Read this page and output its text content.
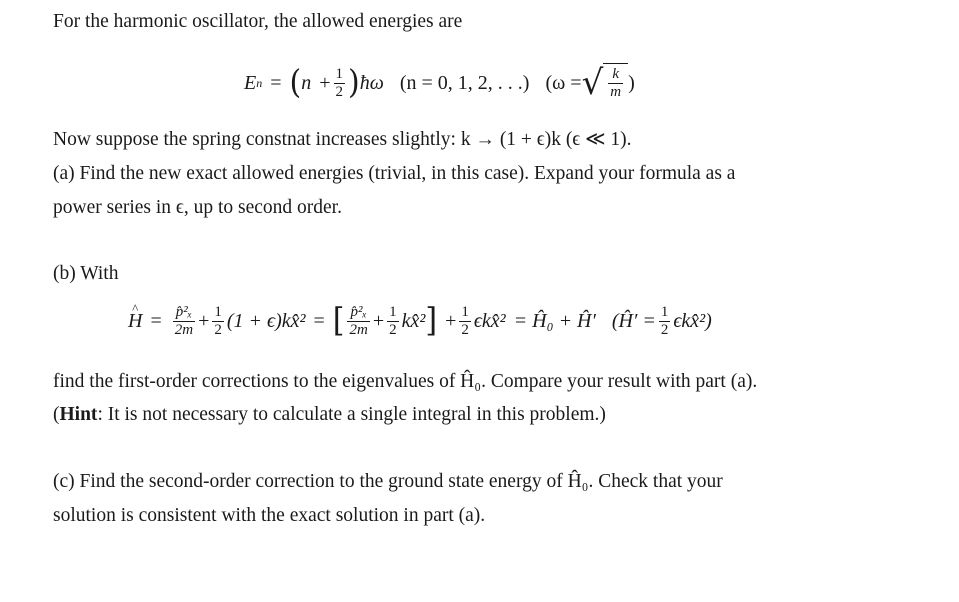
For the harmonic oscillator, the allowed energies are
E n = ( $n + \frac{1}{2}$ ) ħω (n = 0, 1, 2, . . .) (ω = √ $\frac{k}{m}$ )
Now suppose the spring constnat increases slightly: k → (1 + ϵ)k (ϵ ≪ 1).
(a) Find the new exact allowed energies (trivial, in this case). Expand your formula as a
power series in ϵ, up to second order.
(b) With
^ $H = \frac{\text{p̂²ₓ}}{2m} + \frac{1}{2} (1$ + ϵ)kx̂² = [ $\frac{\text{p̂²ₓ}}{2m} + \frac{1}{2}$ kx̂² ] + $\frac{1}{2}$ ϵkx̂² = Ĥ₀ + Ĥ′ (Ĥ′ = $\frac{1}{2}$ ϵkx̂²)
find the first-order corrections to the eigenvalues of Ĥ₀. Compare your result with part (a).
(Hint: It is not necessary to calculate a single integral in this problem.)
(c) Find the second-order correction to the ground state energy of Ĥ₀. Check that your
solution is consistent with the exact solution in part (a).
